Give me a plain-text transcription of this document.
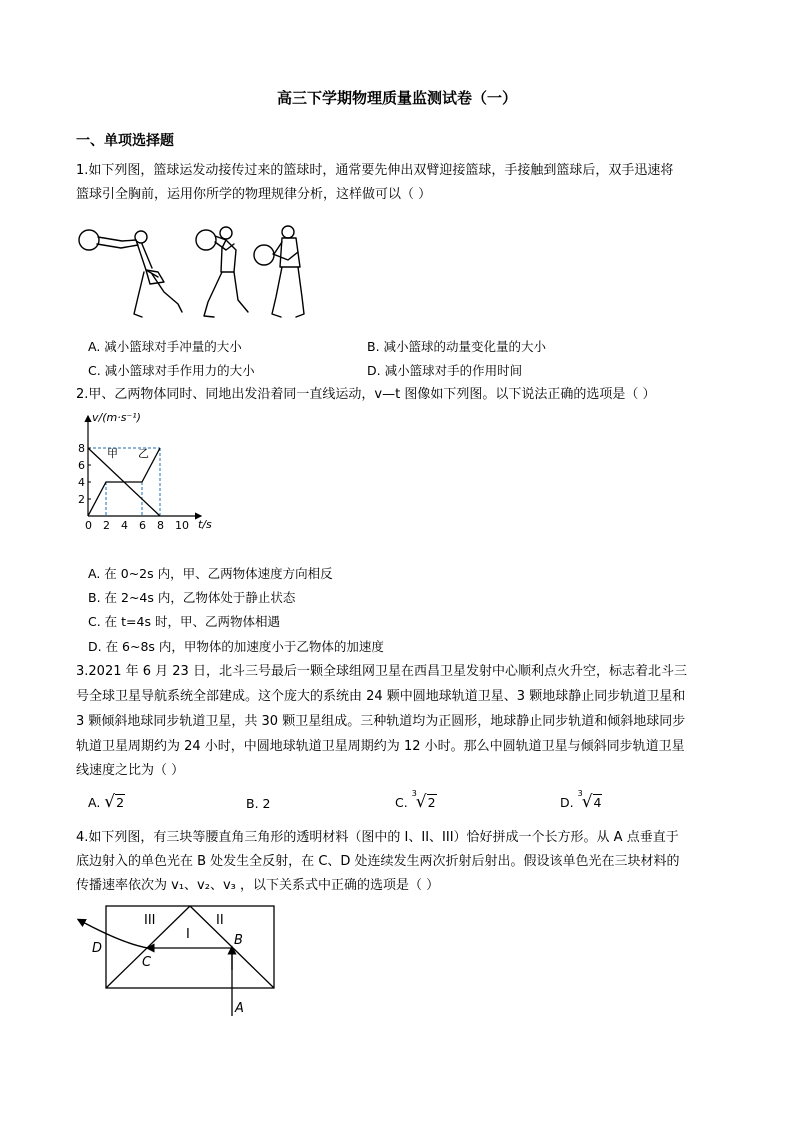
高三下学期物理质量监测试卷（一）
一、单项选择题
1.如下列图，篮球运发动接传过来的篮球时，通常要先伸出双臂迎接篮球，手接触到篮球后，双手迅速将
篮球引全胸前，运用你所学的物理规律分析，这样做可以（ ）
A. 减小篮球对手冲量的大小	B. 减小篮球的动量变化量的大小
C. 减小篮球对手作用力的大小	D. 减小篮球对手的作用时间
2.甲、乙两物体同时、同地出发沿着同一直线运动，v—t 图像如下列图。以下说法正确的选项是（ ）
v/(m·s⁻¹)
t/s
0 2 4 6 8 10
2
4
6
8 甲 乙
A. 在 0~2s 内，甲、乙两物体速度方向相反
B. 在 2~4s 内，乙物体处于静止状态
C. 在 t=4s 时，甲、乙两物体相遇
D. 在 6~8s 内，甲物体的加速度小于乙物体的加速度
3.2021 年 6 月 23 日，北斗三号最后一颗全球组网卫星在西昌卫星发射中心顺利点火升空，标志着北斗三
号全球卫星导航系统全部建成。这个庞大的系统由 24 颗中圆地球轨道卫星、3 颗地球静止同步轨道卫星和
3 颗倾斜地球同步轨道卫星，共 30 颗卫星组成。三种轨道均为正圆形，地球静止同步轨道和倾斜地球同步
轨道卫星周期约为 24 小时，中圆地球轨道卫星周期约为 12 小时。那么中圆轨道卫星与倾斜同步轨道卫星
线速度之比为（ ）
A. √2	B. 2	C. $^3$√2	D. $^3$√4
4.如下列图，有三块等腰直角三角形的透明材料（图中的 I、II、III）恰好拼成一个长方形。从 A 点垂直于
底边射入的单色光在 B 处发生全反射，在 C、D 处连续发生两次折射后射出。假设该单色光在三块材料的
传播速率依次为 v₁、v₂、v₃ ，以下关系式中正确的选项是（ ）
III	II
I	B
C
D
A
